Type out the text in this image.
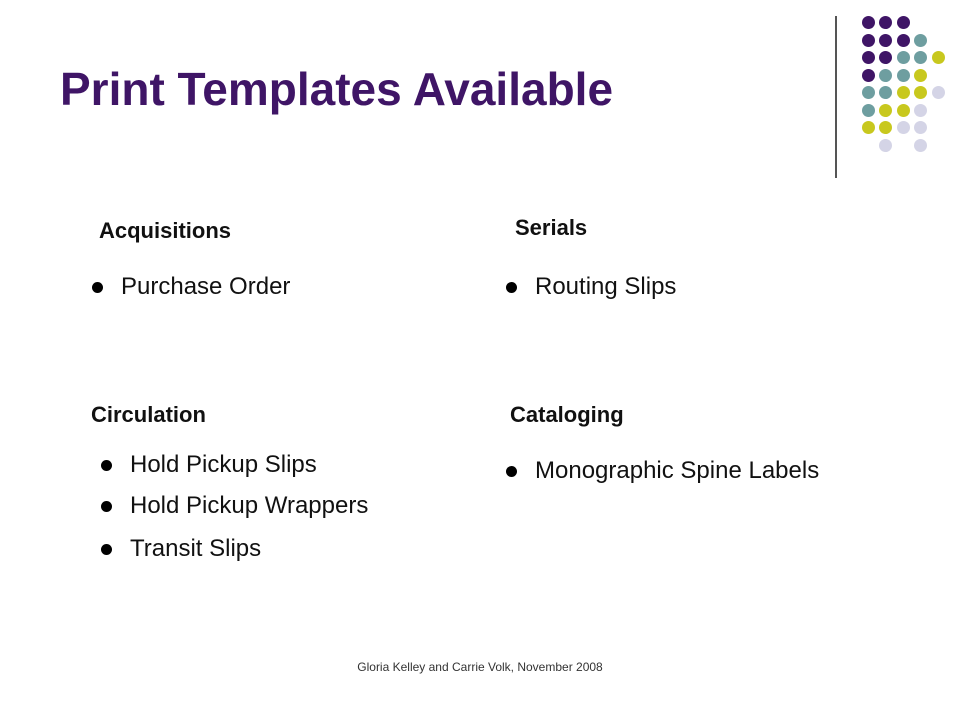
Print Templates Available
Acquisitions
Purchase Order
Serials
Routing Slips
Circulation
Hold Pickup Slips
Hold Pickup Wrappers
Transit Slips
Cataloging
Monographic Spine Labels
Gloria Kelley and Carrie Volk, November 2008
